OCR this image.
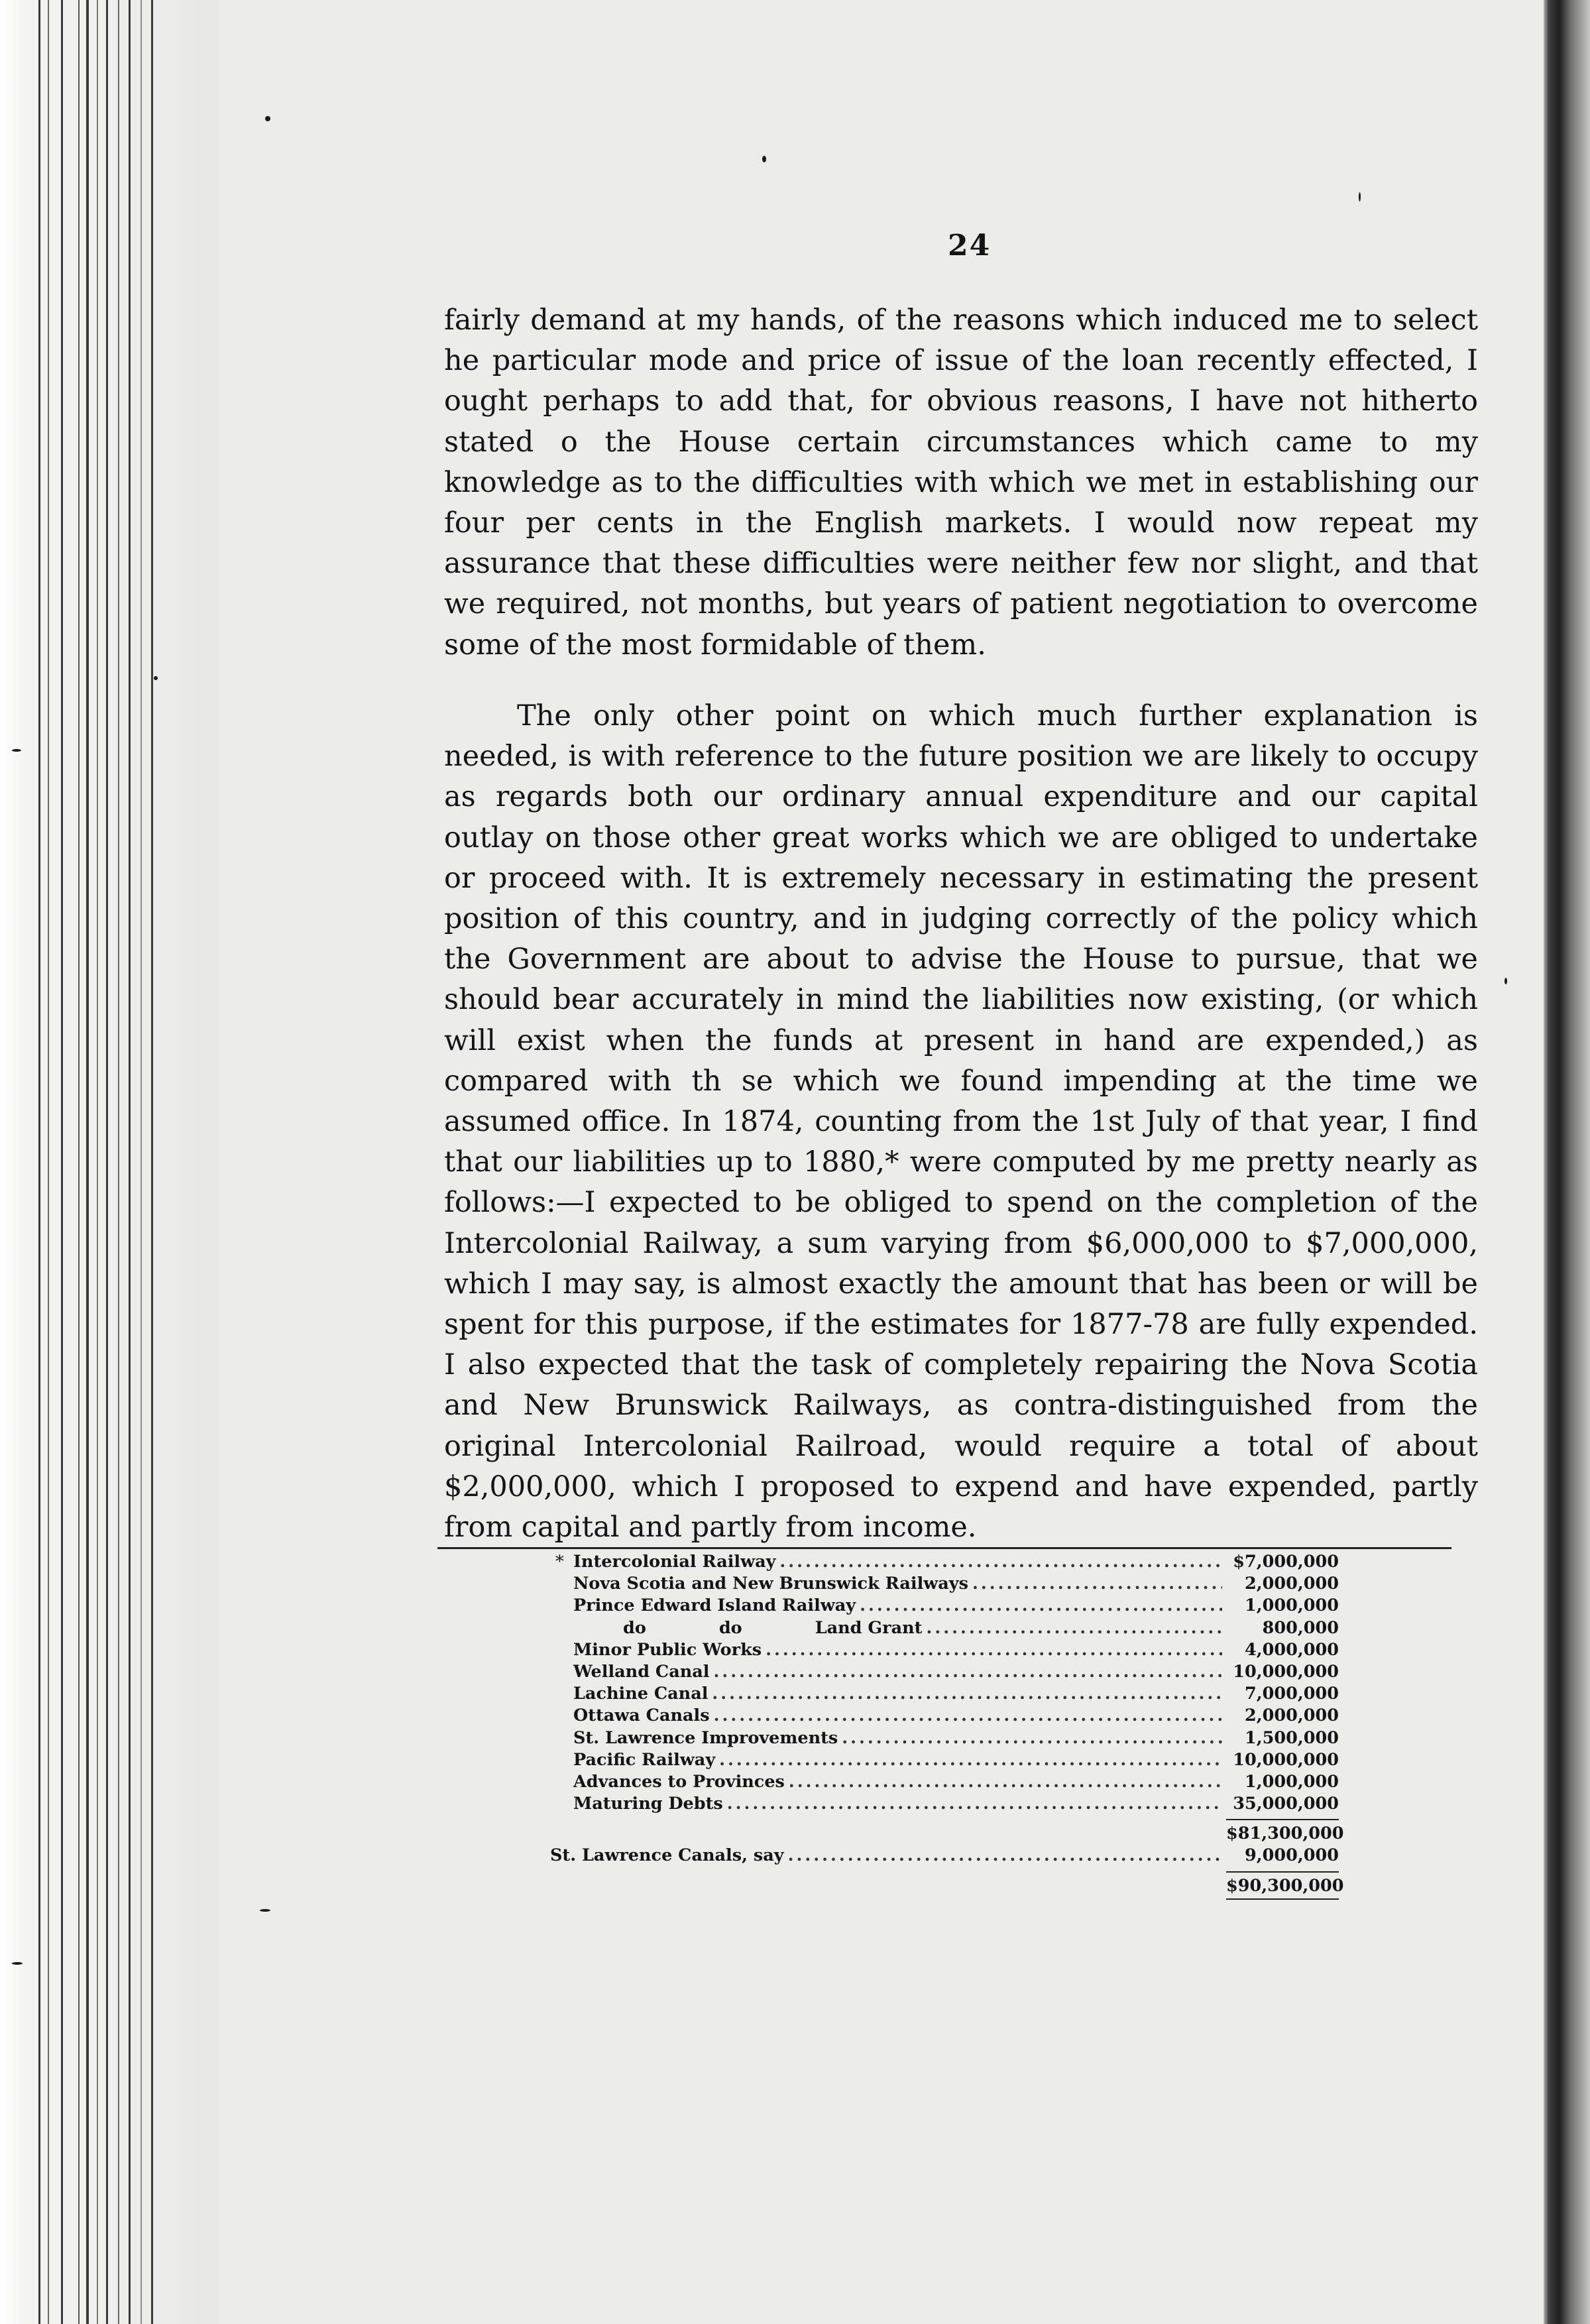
24

fairly demand at my hands, of the reasons which induced me to select he particular mode and price of issue of the loan recently effected, I ought perhaps to add that, for obvious reasons, I have not hitherto stated o the House certain circumstances which came to my knowledge as to the difficulties with which we met in establishing our four per cents in the English markets. I would now repeat my assurance that these difficulties were neither few nor slight, and that we required, not months, but years of patient negotiation to overcome some of the most formidable of them.

The only other point on which much further explanation is needed, is with reference to the future position we are likely to occupy as regards both our ordinary annual expenditure and our capital outlay on those other great works which we are obliged to undertake or proceed with. It is extremely necessary in estimating the present position of this country, and in judging correctly of the policy which the Government are about to advise the House to pursue, that we should bear accurately in mind the liabilities now existing, (or which will exist when the funds at present in hand are expended,) as compared with th se which we found impending at the time we assumed office. In 1874, counting from the 1st July of that year, I find that our liabilities up to 1880,* were computed by me pretty nearly as follows:—I expected to be obliged to spend on the completion of the Intercolonial Railway, a sum varying from $6,000,000 to $7,000,000, which I may say, is almost exactly the amount that has been or will be spent for this purpose, if the estimates for 1877-78 are fully expended. I also expected that the task of completely repairing the Nova Scotia and New Brunswick Railways, as contra-distinguished from the original Intercolonial Railroad, would require a total of about $2,000,000, which I proposed to expend and have expended, partly from capital and partly from income.

* Intercolonial Railway .....	$7,000,000
Nova Scotia and New Brunswick Railways .....	2,000,000
Prince Edward Island Railway .....	1,000,000
do	do	Land Grant .....	800,000
Minor Public Works .....	4,000,000
Welland Canal .....	10,000,000
Lachine Canal .....	7,000,000
Ottawa Canals .....	2,000,000
St. Lawrence Improvements .....	1,500,000
Pacific Railway .....	10,000,000
Advances to Provinces .....	1,000,000
Maturing Debts .....	35,000,000
$81,300,000
St. Lawrence Canals, say .....	9,000,000
$90,300,000
